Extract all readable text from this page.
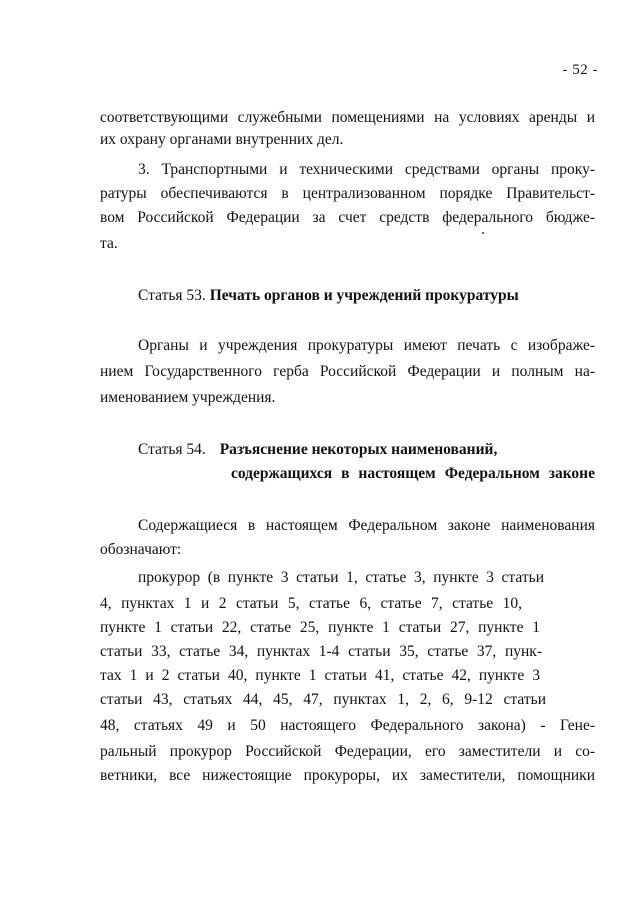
- 52 -
соответствующими служебными помещениями на условиях аренды и
их охрану органами внутренних дел.
3. Транспортными и техническими средствами органы проку-
ратуры обеспечиваются в централизованном порядке Правительст-
вом Российской Федерации за счет средств федерального бюдже-
та.
Статья 53. Печать органов и учреждений прокуратуры
Органы и учреждения прокуратуры имеют печать с изображе-
нием Государственного герба Российской Федерации и полным на-
именованием учреждения.
Статья 54. Разъяснение некоторых наименований,
содержащихся в настоящем Федеральном законе
Содержащиеся в настоящем Федеральном законе наименования
обозначают:
прокурор (в пункте 3 статьи 1, статье 3, пункте 3 статьи
4, пунктах 1 и 2 статьи 5, статье 6, статье 7, статье 10,
пункте 1 статьи 22, статье 25, пункте 1 статьи 27, пункте 1
статьи 33, статье 34, пунктах 1-4 статьи 35, статье 37, пунк-
тах 1 и 2 статьи 40, пункте 1 статьи 41, статье 42, пункте 3
статьи 43, статьях 44, 45, 47, пунктах 1, 2, 6, 9-12 статьи
48, статьях 49 и 50 настоящего Федерального закона) - Гене-
ральный прокурор Российской Федерации, его заместители и со-
ветники, все нижестоящие прокуроры, их заместители, помощники
